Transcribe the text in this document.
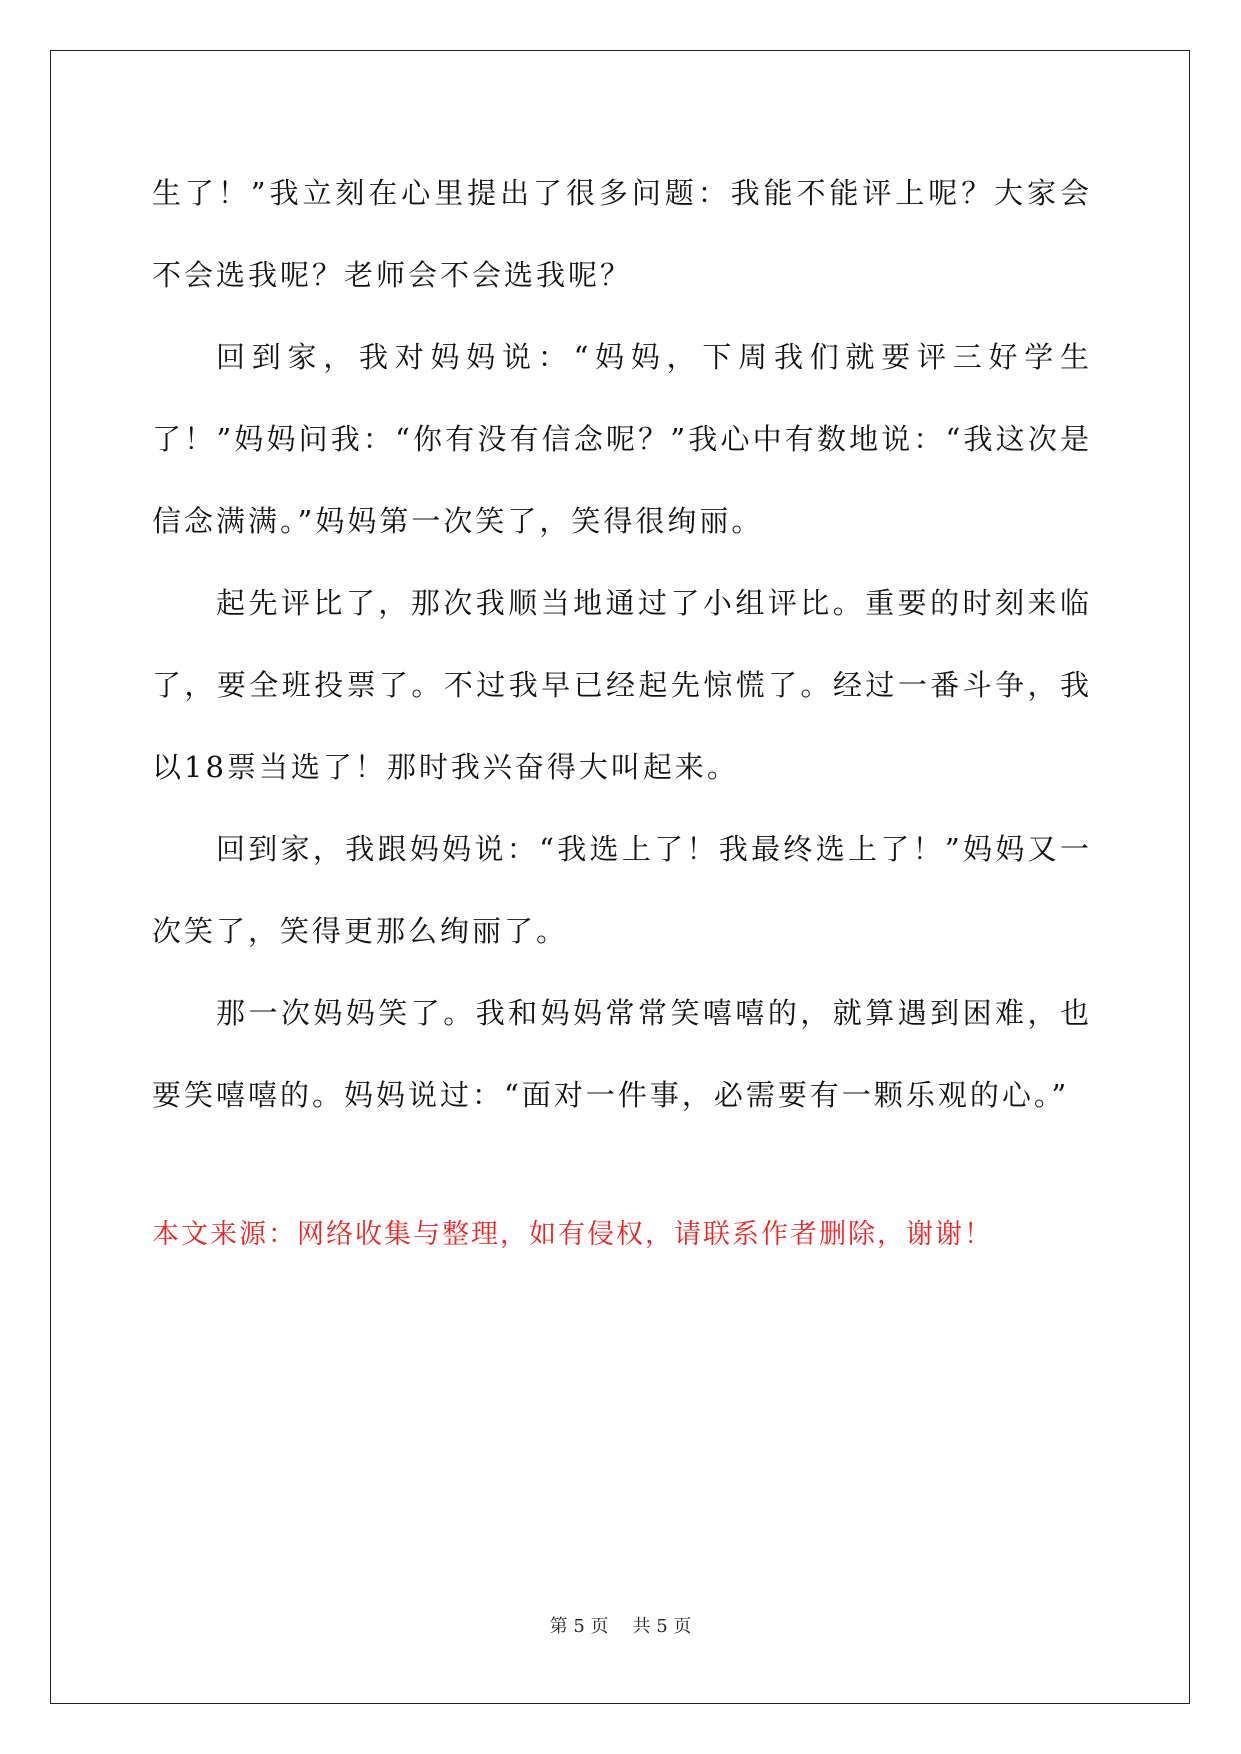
生了！”我立刻在心里提出了很多问题：我能不能评上呢？大家会不会选我呢？老师会不会选我呢？

回到家，我对妈妈说：“妈妈，下周我们就要评三好学生了！”妈妈问我：“你有没有信念呢？”我心中有数地说：“我这次是信念满满。”妈妈第一次笑了，笑得很绚丽。

起先评比了，那次我顺当地通过了小组评比。重要的时刻来临了，要全班投票了。不过我早已经起先惊慌了。经过一番斗争，我以18票当选了！那时我兴奋得大叫起来。

回到家，我跟妈妈说：“我选上了！我最终选上了！”妈妈又一次笑了，笑得更那么绚丽了。

那一次妈妈笑了。我和妈妈常常笑嘻嘻的，就算遇到困难，也要笑嘻嘻的。妈妈说过：“面对一件事，必需要有一颗乐观的心。”

本文来源：网络收集与整理，如有侵权，请联系作者删除，谢谢！

第 5 页 共 5 页
